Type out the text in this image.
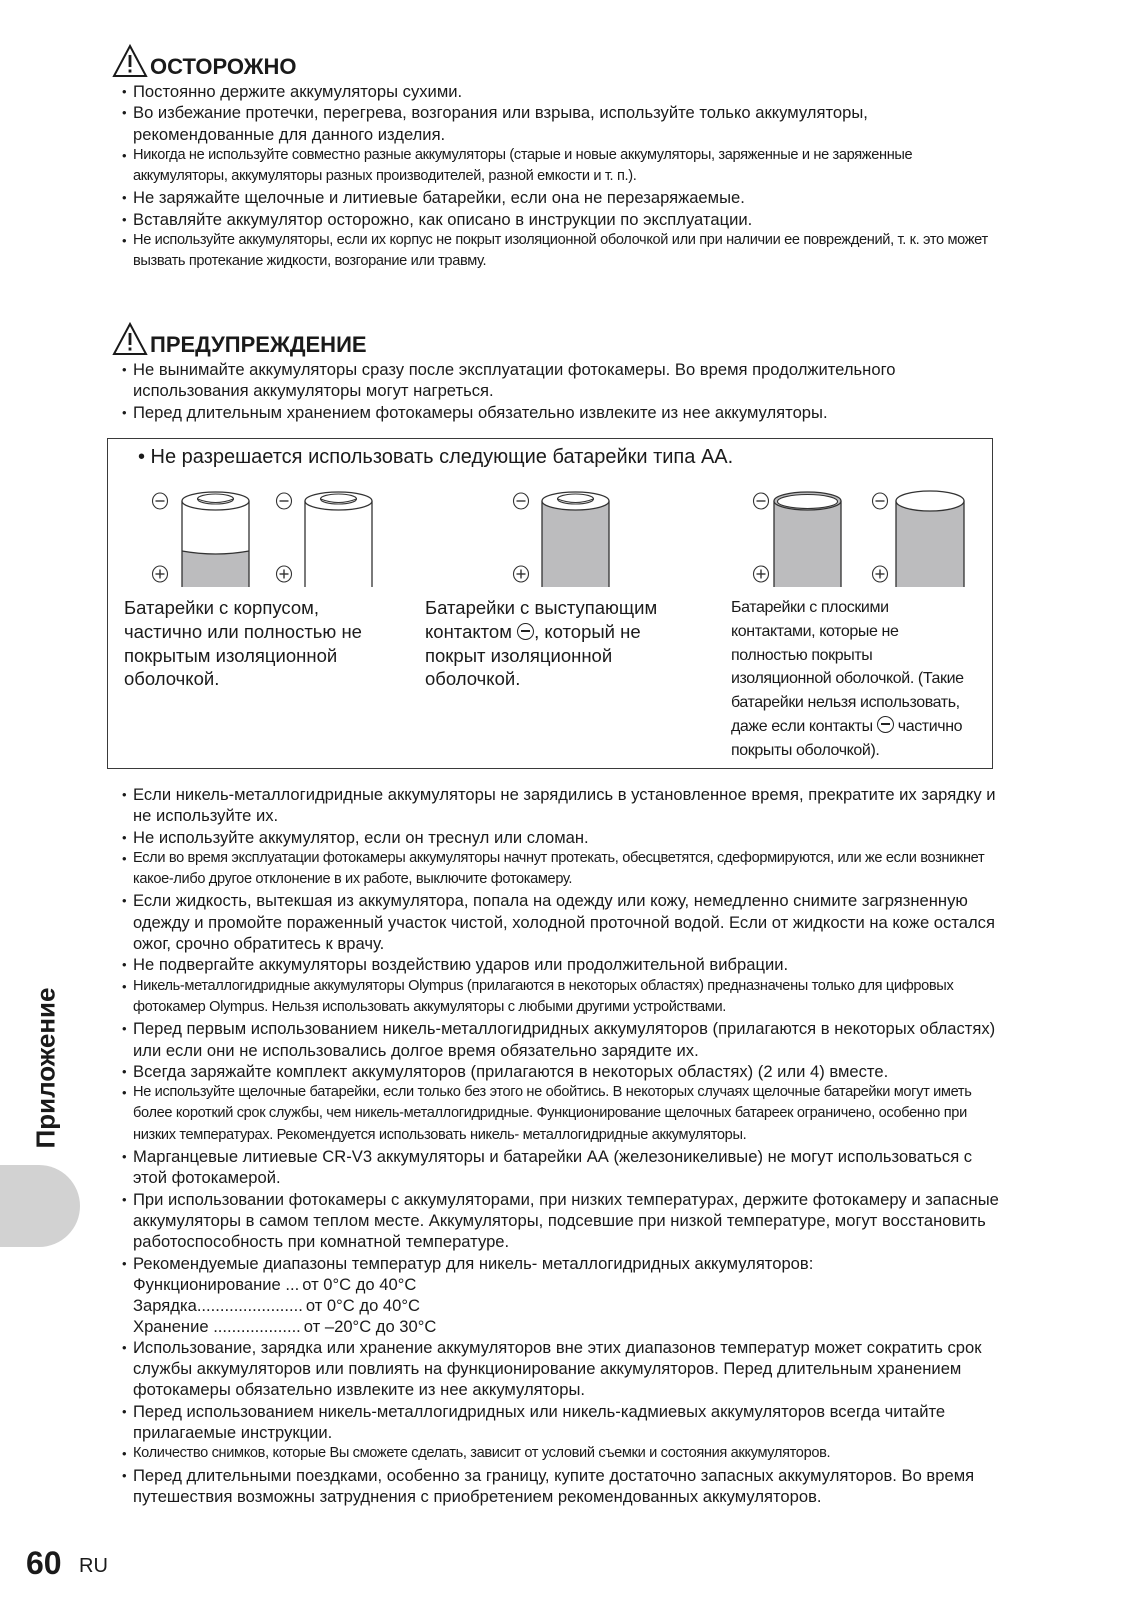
ОСТОРОЖНО
• Постоянно держите аккумуляторы сухими.
• Во избежание протечки, перегрева, возгорания или взрыва, используйте только аккумуляторы, рекомендованные для данного изделия.
• Никогда не используйте совместно разные аккумуляторы (старые и новые аккумуляторы, заряженные и не заряженные аккумуляторы, аккумуляторы разных производителей, разной емкости и т. п.).
• Не заряжайте щелочные и литиевые батарейки, если она не перезаряжаемые.
• Вставляйте аккумулятор осторожно, как описано в инструкции по эксплуатации.
• Не используйте аккумуляторы, если их корпус не покрыт изоляционной оболочкой или при наличии ее повреждений, т. к. это может вызвать протекание жидкости, возгорание или травму.
ПРЕДУПРЕЖДЕНИЕ
• Не вынимайте аккумуляторы сразу после эксплуатации фотокамеры. Во время продолжительного использования аккумуляторы могут нагреться.
• Перед длительным хранением фотокамеры обязательно извлеките из нее аккумуляторы.
• Не разрешается использовать следующие батарейки типа АА.
Батарейки с корпусом,
частично или полностью не
покрытым изоляционной
оболочкой.
Батарейки с выступающим
контактом , который не
покрыт изоляционной
оболочкой.
Батарейки с плоскими
контактами, которые не
полностью покрыты
изоляционной оболочкой. (Такие
батарейки нельзя использовать,
даже если контакты  частично
покрыты оболочкой).
• Если никель-металлогидридные аккумуляторы не зарядились в установленное время, прекратите их зарядку и не используйте их.
• Не используйте аккумулятор, если он треснул или сломан.
• Если во время эксплуатации фотокамеры аккумуляторы начнут протекать, обесцветятся, сдеформируются, или же если возникнет какое-либо другое отклонение в их работе, выключите фотокамеру.
• Если жидкость, вытекшая из аккумулятора, попала на одежду или кожу, немедленно снимите загрязненную одежду и промойте пораженный участок чистой, холодной проточной водой. Если от жидкости на коже остался ожог, срочно обратитесь к врачу.
• Не подвергайте аккумуляторы воздействию ударов или продолжительной вибрации.
• Никель-металлогидридные аккумуляторы Olympus (прилагаются в некоторых областях) предназначены только для цифровых фотокамер Olympus. Нельзя использовать аккумуляторы с любыми другими устройствами.
• Перед первым использованием никель-металлогидридных аккумуляторов (прилагаются в некоторых областях) или если они не использовались долгое время обязательно зарядите их.
• Всегда заряжайте комплект аккумуляторов (прилагаются в некоторых областях) (2 или 4) вместе.
• Не используйте щелочные батарейки, если только без этого не обойтись. В некоторых случаях щелочные батарейки могут иметь более короткий срок службы, чем никель-металлогидридные. Функционирование щелочных батареек ограничено, особенно при низких температурах. Рекомендуется использовать никель- металлогидридные аккумуляторы.
• Марганцевые литиевые CR-V3 аккумуляторы и батарейки АА (железоникеливые) не могут использоваться с этой фотокамерой.
• При использовании фотокамеры с аккумуляторами, при низких температурах, держите фотокамеру и запасные аккумуляторы в самом теплом месте. Аккумуляторы, подсевшие при низкой температуре, могут восстановить работоспособность при комнатной температуре.
• Рекомендуемые диапазоны температур для никель- металлогидридных аккумуляторов:
Функционирование ... от 0°C до 40°C
Зарядка....................... от 0°C до 40°C
Хранение ................... от –20°C до 30°C
• Использование, зарядка или хранение аккумуляторов вне этих диапазонов температур может сократить срок службы аккумуляторов или повлиять на функционирование аккумуляторов. Перед длительным хранением фотокамеры обязательно извлеките из нее аккумуляторы.
• Перед использованием никель-металлогидридных или никель-кадмиевых аккумуляторов всегда читайте прилагаемые инструкции.
• Количество снимков, которые Вы сможете сделать, зависит от условий съемки и состояния аккумуляторов.
• Перед длительными поездками, особенно за границу, купите достаточно запасных аккумуляторов. Во время путешествия возможны затруднения с приобретением рекомендованных аккумуляторов.
Приложение
60 RU
